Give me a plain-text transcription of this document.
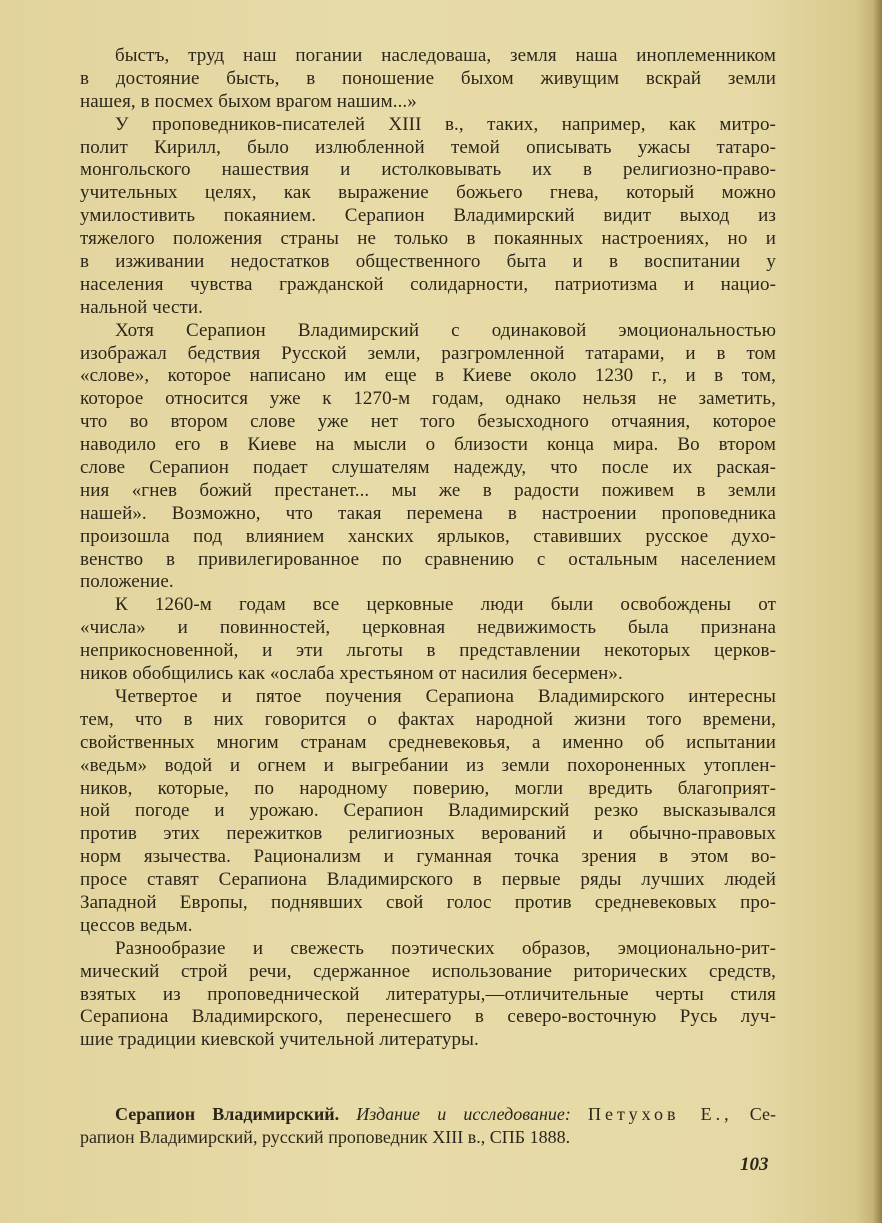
быстъ, труд наш погании наследоваша, земля наша иноплеменником
в достояние бысть, в поношение быхом живущим вскрай земли
нашея, в посмех быхом врагом нашим...»
У проповедников-писателей XIII в., таких, например, как митро-
полит Кирилл, было излюбленной темой описывать ужасы татаро-
монгольского нашествия и истолковывать их в религиозно-право-
учительных целях, как выражение божьего гнева, который можно
умилостивить покаянием. Серапион Владимирский видит выход из
тяжелого положения страны не только в покаянных настроениях, но и
в изживании недостатков общественного быта и в воспитании у
населения чувства гражданской солидарности, патриотизма и нацио-
нальной чести.
Хотя Серапион Владимирский с одинаковой эмоциональностью
изображал бедствия Русской земли, разгромленной татарами, и в том
«слове», которое написано им еще в Киеве около 1230 г., и в том,
которое относится уже к 1270-м годам, однако нельзя не заметить,
что во втором слове уже нет того безысходного отчаяния, которое
наводило его в Киеве на мысли о близости конца мира. Во втором
слове Серапион подает слушателям надежду, что после их раская-
ния «гнев божий престанет... мы же в радости поживем в земли
нашей». Возможно, что такая перемена в настроении проповедника
произошла под влиянием ханских ярлыков, ставивших русское духо-
венство в привилегированное по сравнению с остальным населением
положение.
К 1260-м годам все церковные люди были освобождены от
«числа» и повинностей, церковная недвижимость была признана
неприкосновенной, и эти льготы в представлении некоторых церков-
ников обобщились как «ослаба хрестьяном от насилия бесермен».
Четвертое и пятое поучения Серапиона Владимирского интересны
тем, что в них говорится о фактах народной жизни того времени,
свойственных многим странам средневековья, а именно об испытании
«ведьм» водой и огнем и выгребании из земли похороненных утоплен-
ников, которые, по народному поверию, могли вредить благоприят-
ной погоде и урожаю. Серапион Владимирский резко высказывался
против этих пережитков религиозных верований и обычно-правовых
норм язычества. Рационализм и гуманная точка зрения в этом во-
просе ставят Серапиона Владимирского в первые ряды лучших людей
Западной Европы, поднявших свой голос против средневековых про-
цессов ведьм.
Разнообразие и свежесть поэтических образов, эмоционально-рит-
мический строй речи, сдержанное использование риторических средств,
взятых из проповеднической литературы,—отличительные черты стиля
Серапиона Владимирского, перенесшего в северо-восточную Русь луч-
шие традиции киевской учительной литературы.
Серапион Владимирский. Издание и исследование: Петухов Е., Се-
рапион Владимирский, русский проповедник XIII в., СПБ 1888.
103
